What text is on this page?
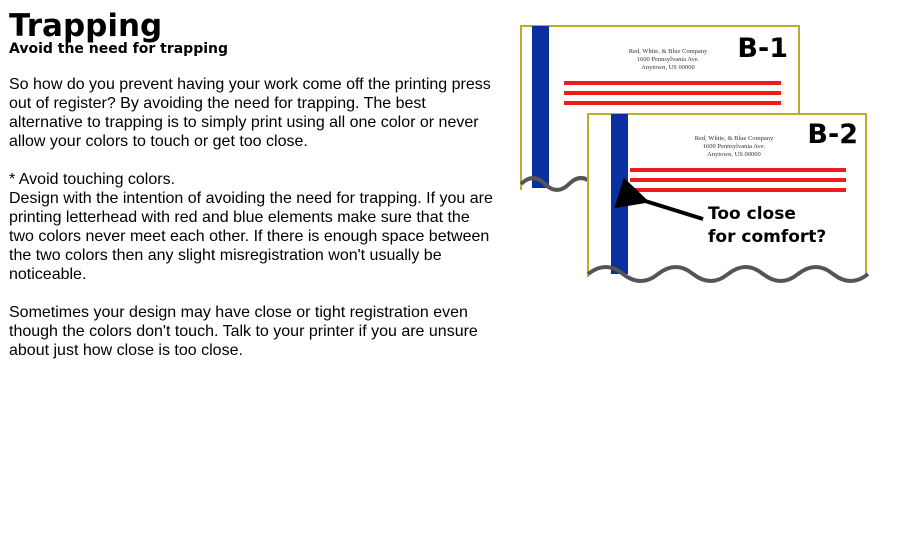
Trapping
Avoid the need for trapping

So how do you prevent having your work come off the printing press out of register? By avoiding the need for trapping. The best alternative to trapping is to simply print using all one color or never allow your colors to touch or get too close.

* Avoid touching colors.
Design with the intention of avoiding the need for trapping. If you are printing letterhead with red and blue elements make sure that the two colors never meet each other. If there is enough space between the two colors then any slight misregistration won't usually be noticeable.

Sometimes your design may have close or tight registration even though the colors don't touch. Talk to your printer if you are unsure about just how close is too close.

B-1
Red, White, & Blue Company
1600 Pennsylvania Ave.
Anytown, US 00000
B-2
Red, White, & Blue Company
1600 Pennsylvania Ave.
Anytown, US 00000
Too close
for comfort?
